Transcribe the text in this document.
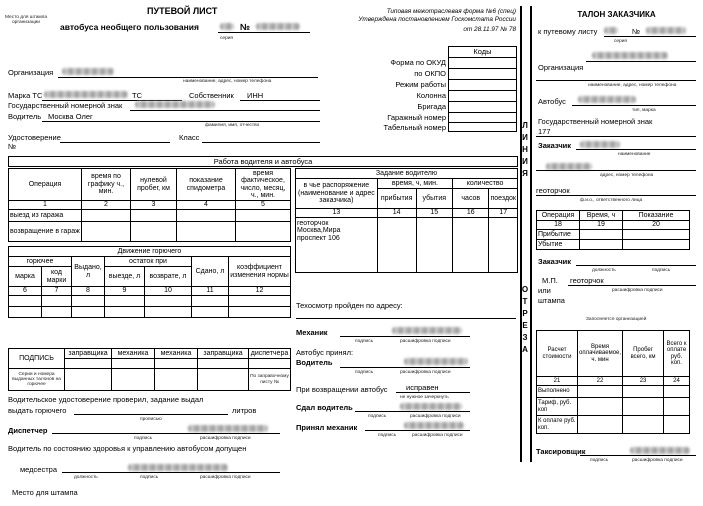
Место для штампа организации
ПУТЕВОЙ ЛИСТ
автобуса необщего пользования	№
серия
Типовая межотраслевая форма №6 (спец)
Утверждена постановлением Госкомстата России
от 28.11.97 № 78
Коды
Форма по ОКУД
по ОКПО
Режим работы
Колонна
Бригада
Гаражный номер
Табельный номер
Организация
наименование, адрес, номер телефона
Марка ТС	ТС	Собственник ИНН
Государственный номерной знак
Водитель Москва Олег
фамилия, имя, отчество
Удостоверение
№
Класс
Работа водителя и автобуса
Операция	время по графику ч., мин.	нулевой пробег, км	показание спидометра	время фактическое, число, месяц, ч., мин.
1	2	3	4	5
выезд из гаража				
возвращение в гараж				
Задание водителю				
в чье распоряжение (наименование и адрес заказчика)	время, ч, мин.		количество	
	прибытия	убытия	часов	поездок
13	14	15	16	17

геоторчок
Москва,Мира
проспект 106				

Движение горючего						
горючее		Выдано, л	остаток при		Сдано, л	коэффициент изменения нормы
марка	код марки		выезде, л	возврате, л		
6	7	8	9	10	11	12

Техосмотр пройден по адресу:
Механик
подпись	расшифровка подписи
Автобус принял:
Водитель
подпись	расшифровка подписи
При возвращении автобус исправен
не нужное зачеркнуть
Сдал водитель
подпись	расшифровка подписи
Принял механик
подпись	расшифровка подписи
ПОДПИСЬ	заправщика	механика	механика	заправщика	диспетчера

Серии и номера выданных талонов на горючее					По заправочному листу №
Водительское удостоверение проверил, задание выдал
выдать горючего	литров
прописью
Диспетчер
подпись	расшифровка подписи
Водитель по состоянию здоровья к управлению автобусом допущен
медсестра
должность	подпись	расшифровка подписи
Место для штампа
Л
И
Н
И
Я
О
Т
Р
Е
З
А
ТАЛОН ЗАКАЗЧИКА
к путевому листу	№
серия
Организация
наименование, адрес, номер телефона
Автобус
тип, марка
Государственный номерной знак
177
Заказчик
наименование
адрес, номер телефона
геоторчок
ф.и.о., ответственного лица
Операция	Время, ч	Показание
18	19	20
Прибытие		
Убытие		
Заказчик
должность	подпись
М.П.
или
штампа
геоторчок
расшифровка подписи
Заполняется организацией
Расчет стоимости	Время оплачиваемое, ч. мин	Пробег всего, км	Всего к оплате руб. коп.
21	22	23	24
Выполнено			
Тариф, руб. коп			
К оплате руб. коп.			
Таксировщик
подпись	расшифровка подписи
